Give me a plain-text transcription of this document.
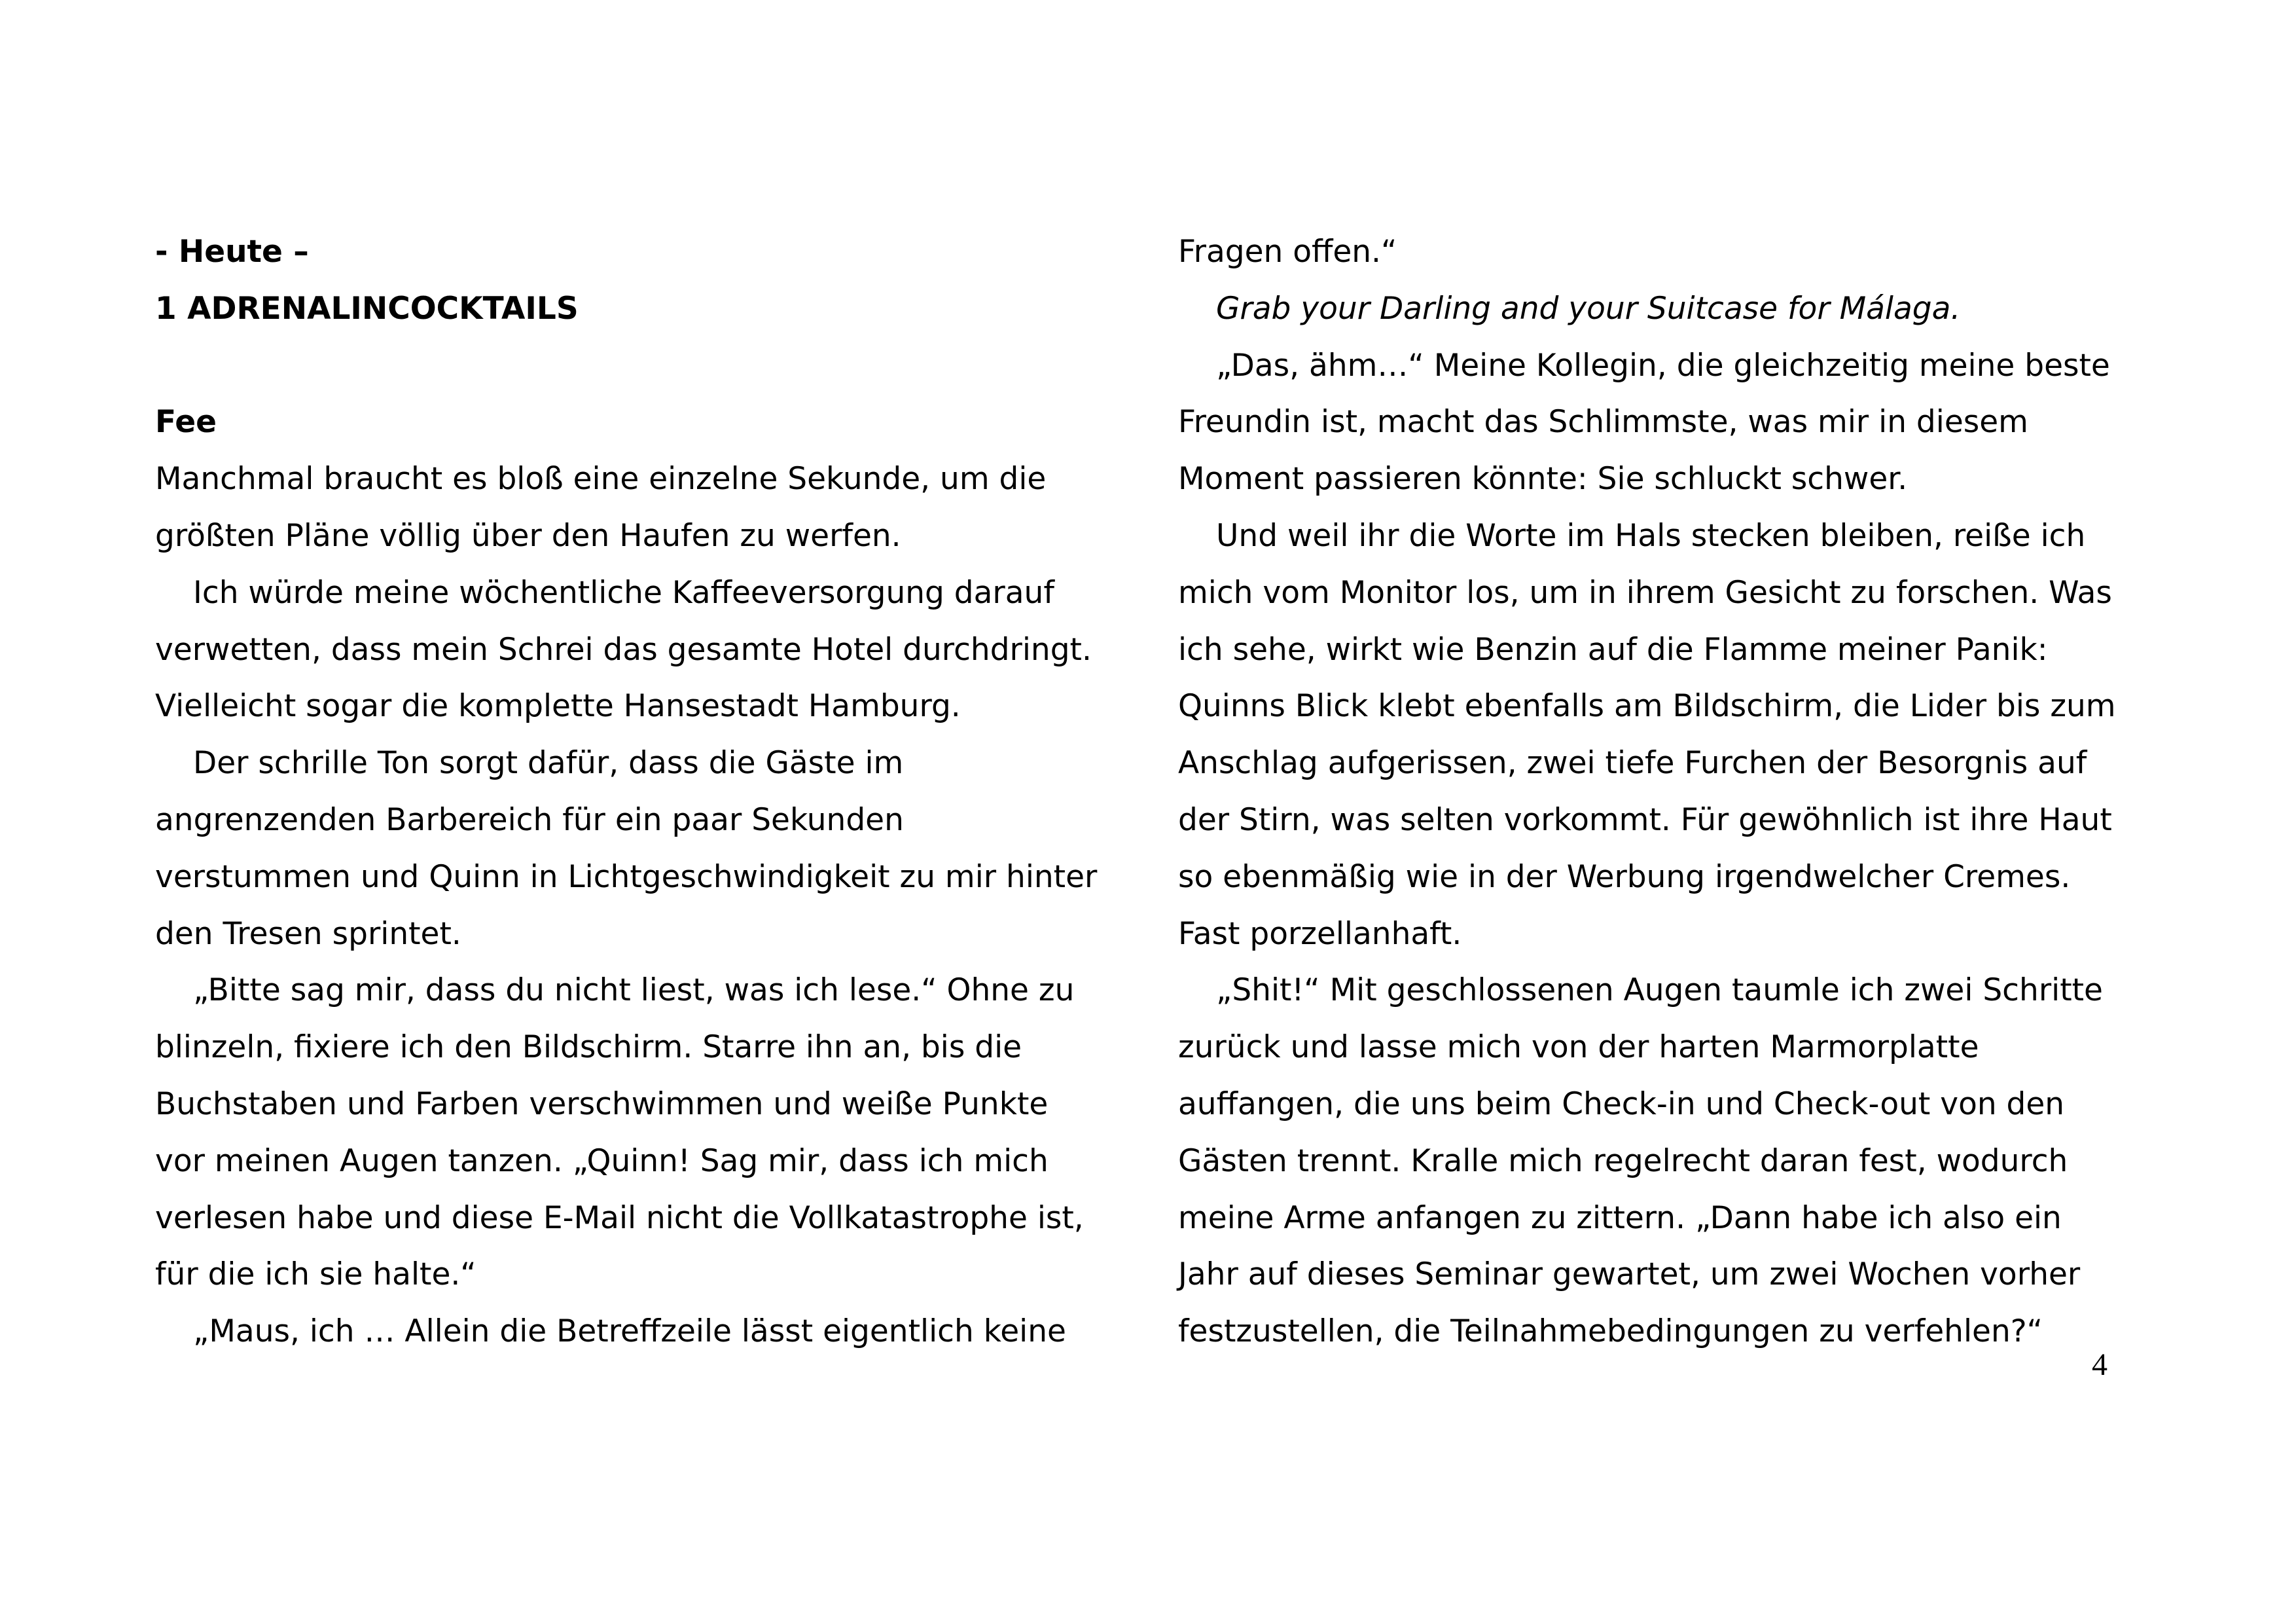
- Heute –
1 ADRENALINCOCKTAILS
Fee

Manchmal braucht es bloß eine einzelne Sekunde, um die größten Pläne völlig über den Haufen zu werfen.

Ich würde meine wöchentliche Kaffeeversorgung darauf verwetten, dass mein Schrei das gesamte Hotel durchdringt. Vielleicht sogar die komplette Hansestadt Hamburg.

Der schrille Ton sorgt dafür, dass die Gäste im angrenzenden Barbereich für ein paar Sekunden verstummen und Quinn in Lichtgeschwindigkeit zu mir hinter den Tresen sprintet.

„Bitte sag mir, dass du nicht liest, was ich lese.“ Ohne zu blinzeln, fixiere ich den Bildschirm. Starre ihn an, bis die Buchstaben und Farben verschwimmen und weiße Punkte vor meinen Augen tanzen. „Quinn! Sag mir, dass ich mich verlesen habe und diese E-Mail nicht die Vollkatastrophe ist, für die ich sie halte.“

„Maus, ich … Allein die Betreffzeile lässt eigentlich keine

Fragen offen.“

Grab your Darling and your Suitcase for Málaga.

„Das, ähm…“ Meine Kollegin, die gleichzeitig meine beste Freundin ist, macht das Schlimmste, was mir in diesem Moment passieren könnte: Sie schluckt schwer.

Und weil ihr die Worte im Hals stecken bleiben, reiße ich mich vom Monitor los, um in ihrem Gesicht zu forschen. Was ich sehe, wirkt wie Benzin auf die Flamme meiner Panik: Quinns Blick klebt ebenfalls am Bildschirm, die Lider bis zum Anschlag aufgerissen, zwei tiefe Furchen der Besorgnis auf der Stirn, was selten vorkommt. Für gewöhnlich ist ihre Haut so ebenmäßig wie in der Werbung irgendwelcher Cremes. Fast porzellanhaft.

„Shit!“ Mit geschlossenen Augen taumle ich zwei Schritte zurück und lasse mich von der harten Marmorplatte auffangen, die uns beim Check-in und Check-out von den Gästen trennt. Kralle mich regelrecht daran fest, wodurch meine Arme anfangen zu zittern. „Dann habe ich also ein Jahr auf dieses Seminar gewartet, um zwei Wochen vorher festzustellen, die Teilnahmebedingungen zu verfehlen?“

4
